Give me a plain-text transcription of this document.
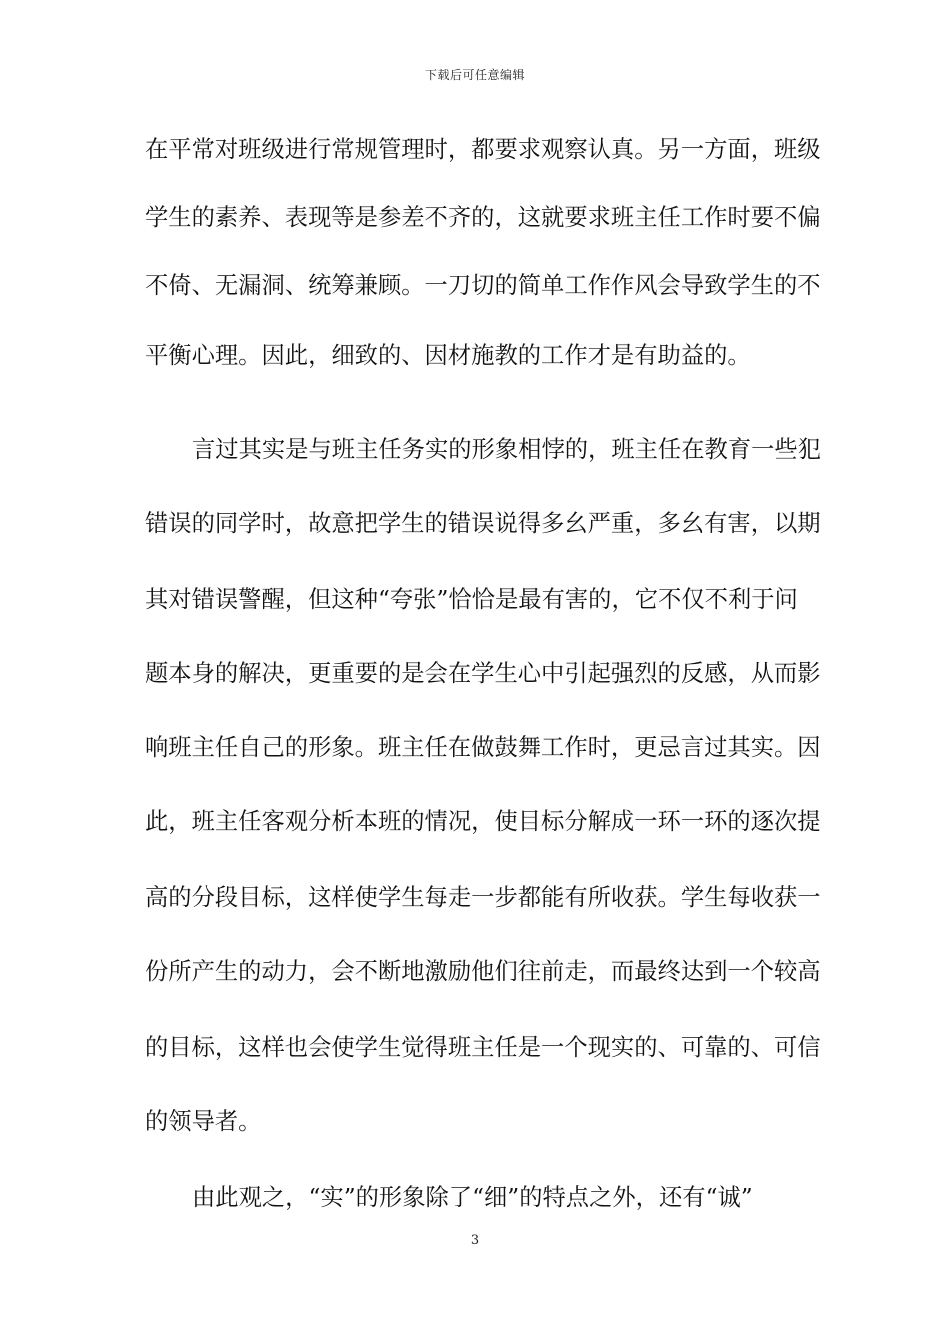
下载后可任意编辑
在平常对班级进行常规管理时，都要求观察认真。另一方面，班级
学生的素养、表现等是参差不齐的，这就要求班主任工作时要不偏
不倚、无漏洞、统筹兼顾。一刀切的简单工作作风会导致学生的不
平衡心理。因此，细致的、因材施教的工作才是有助益的。
言过其实是与班主任务实的形象相悖的，班主任在教育一些犯
错误的同学时，故意把学生的错误说得多幺严重，多幺有害，以期
其对错误警醒，但这种“夸张”恰恰是最有害的，它不仅不利于问
题本身的解决，更重要的是会在学生心中引起强烈的反感，从而影
响班主任自己的形象。班主任在做鼓舞工作时，更忌言过其实。因
此，班主任客观分析本班的情况，使目标分解成一环一环的逐次提
高的分段目标，这样使学生每走一步都能有所收获。学生每收获一
份所产生的动力，会不断地激励他们往前走，而最终达到一个较高
的目标，这样也会使学生觉得班主任是一个现实的、可靠的、可信
的领导者。
由此观之，“实”的形象除了“细”的特点之外，还有“诚”
3
